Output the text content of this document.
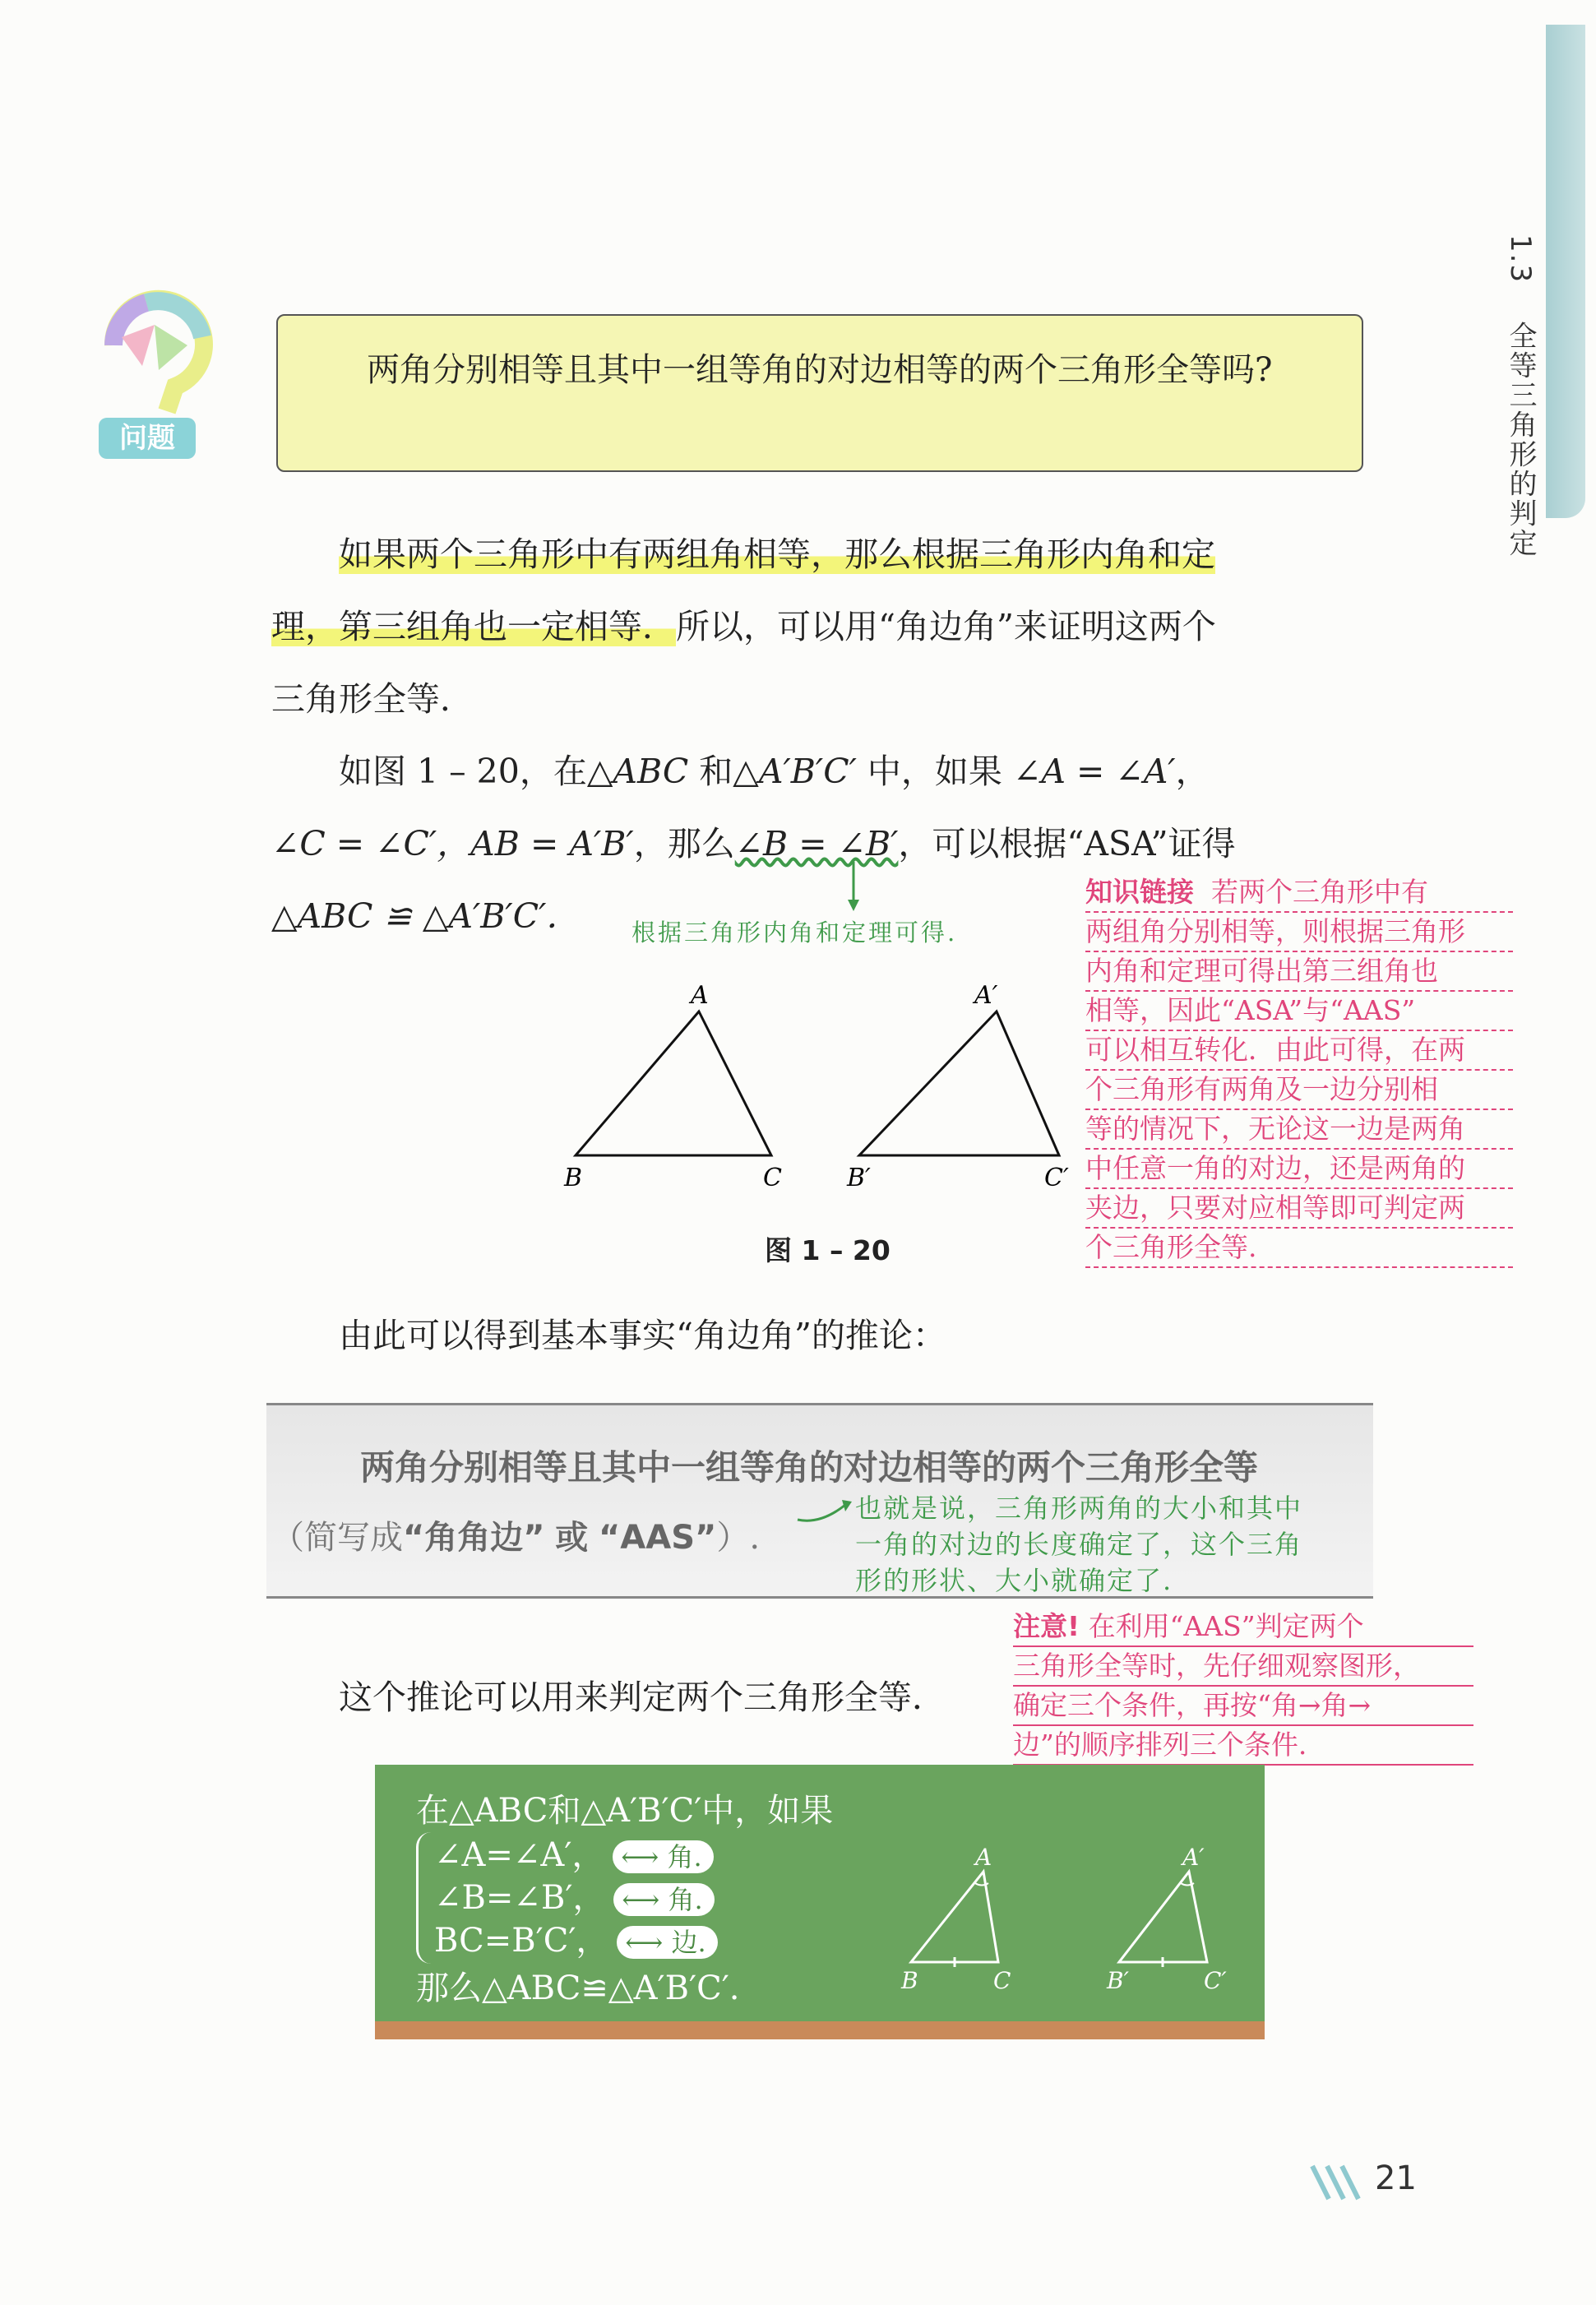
1.3  全等三角形的判定
问题
两角分别相等且其中一组等角的对边相等的两个三角形全等吗?
如果两个三角形中有两组角相等，那么根据三角形内角和定
理，第三组角也一定相等．所以，可以用“角边角”来证明这两个
三角形全等．
如图 1 – 20，在△ABC 和△A′B′C′ 中，如果 ∠A = ∠A′，
∠C = ∠C′，AB = A′B′，那么∠B = ∠B′，可以根据“ASA”证得
△ABC ≌ △A′B′C′．	根据三角形内角和定理可得.
知识链接 若两个三角形中有
两组角分别相等，则根据三角形
内角和定理可得出第三组角也
相等，因此“ASA”与“AAS”
可以相互转化．由此可得，在两
个三角形有两角及一边分别相
等的情况下，无论这一边是两角
中任意一角的对边，还是两角的
夹边，只要对应相等即可判定两
个三角形全等.
A
B	C
A′
B′	C′
图 1 – 20
由此可以得到基本事实“角边角”的推论：
两角分别相等且其中一组等角的对边相等的两个三角形全等
（简写成“角角边” 或 “AAS”）.
也就是说，三角形两角的大小和其中
一角的对边的长度确定了，这个三角
形的形状、大小就确定了.
注意! 在利用“AAS”判定两个
三角形全等时，先仔细观察图形，
确定三个条件，再按“角→角→
边”的顺序排列三个条件.
这个推论可以用来判定两个三角形全等．
在△ABC和△A′B′C′中，如果
∠A=∠A′， ⟷ 角.
∠B=∠B′， ⟷ 角.
BC=B′C′， ⟷ 边.
那么△ABC≌△A′B′C′.
A
B	C
A′
B′	C′
21
